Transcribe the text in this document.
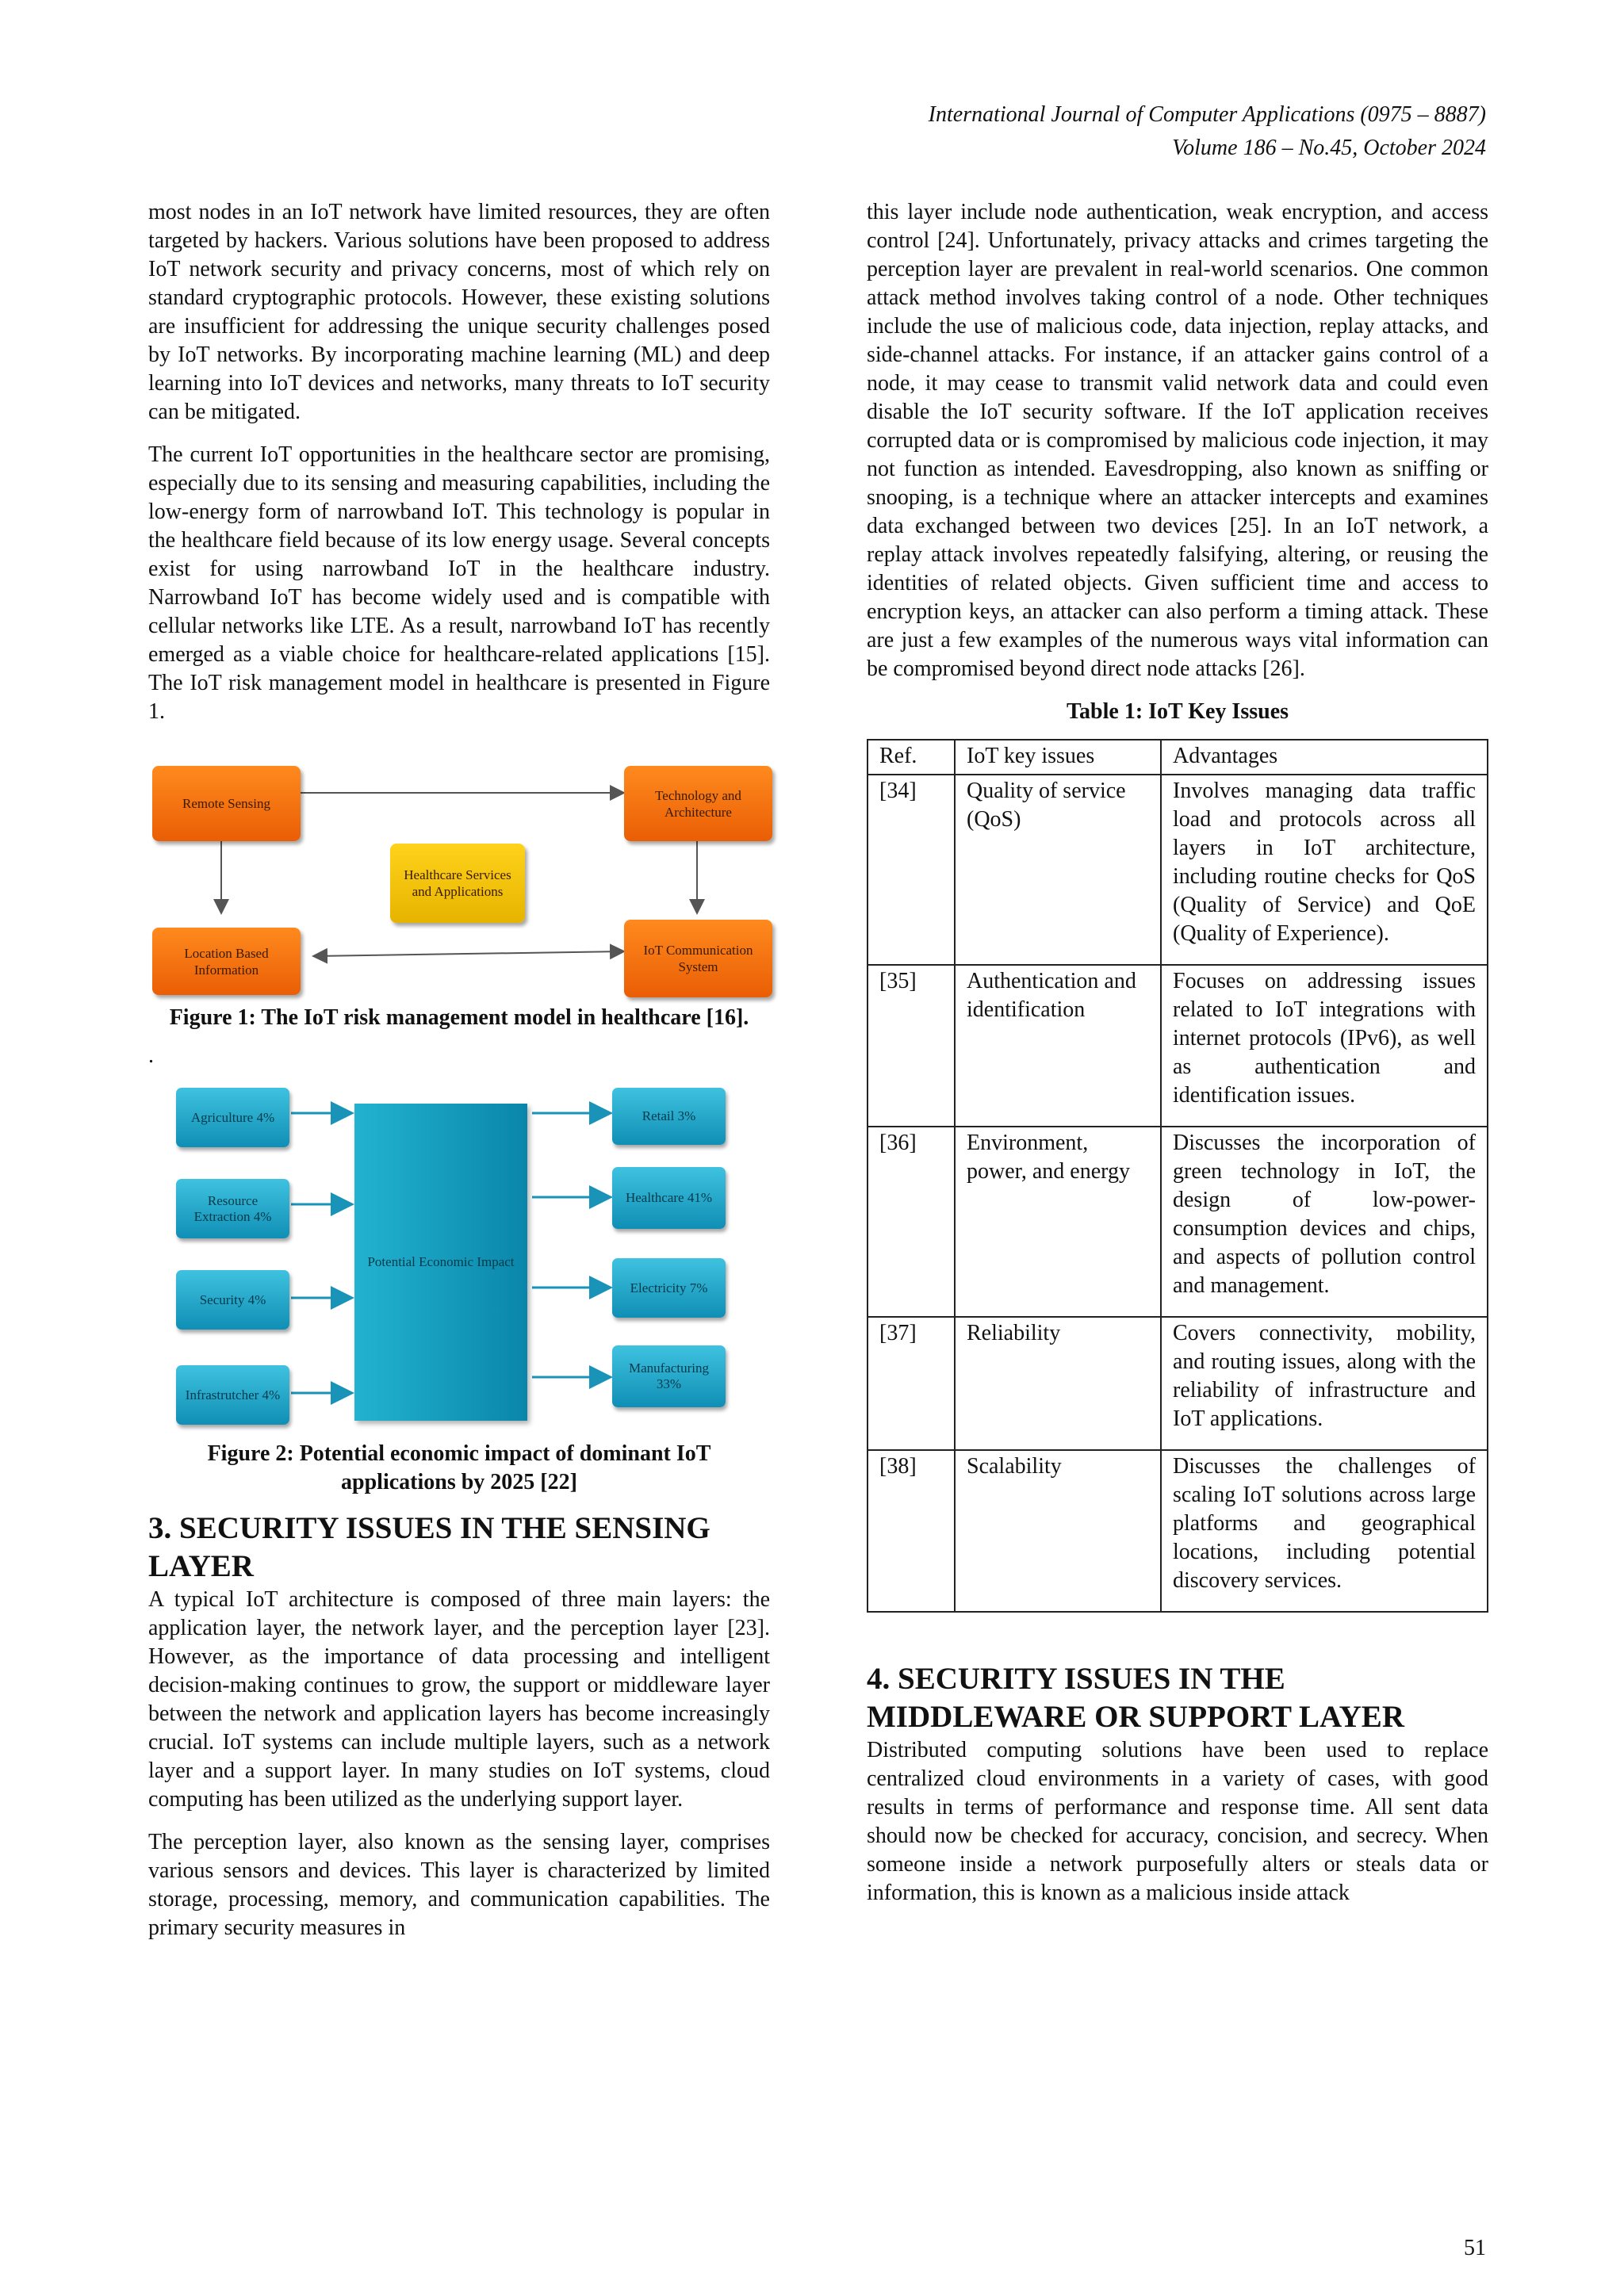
International Journal of Computer Applications (0975 – 8887)
Volume 186 – No.45, October 2024

most nodes in an IoT network have limited resources, they are often targeted by hackers. Various solutions have been proposed to address IoT network security and privacy concerns, most of which rely on standard cryptographic protocols. However, these existing solutions are insufficient for addressing the unique security challenges posed by IoT networks. By incorporating machine learning (ML) and deep learning into IoT devices and networks, many threats to IoT security can be mitigated.

The current IoT opportunities in the healthcare sector are promising, especially due to its sensing and measuring capabilities, including the low-energy form of narrowband IoT. This technology is popular in the healthcare field because of its low energy usage. Several concepts exist for using narrowband IoT in the healthcare industry. Narrowband IoT has become widely used and is compatible with cellular networks like LTE. As a result, narrowband IoT has recently emerged as a viable choice for healthcare-related applications [15]. The IoT risk management model in healthcare is presented in Figure 1.

Remote Sensing
Technology and Architecture
Healthcare Services and Applications
Location Based Information
IoT Communication System

Figure 1: The IoT risk management model in healthcare [16].

.

Potential Economic Impact
Agriculture 4%
Resource Extraction 4%
Security 4%
Infrastrutcher 4%
Retail 3%
Healthcare 41%
Electricity 7%
Manufacturing 33%

Figure 2: Potential economic impact of dominant IoT applications by 2025 [22]

3. SECURITY ISSUES IN THE SENSING LAYER

A typical IoT architecture is composed of three main layers: the application layer, the network layer, and the perception layer [23]. However, as the importance of data processing and intelligent decision-making continues to grow, the support or middleware layer between the network and application layers has become increasingly crucial. IoT systems can include multiple layers, such as a network layer and a support layer. In many studies on IoT systems, cloud computing has been utilized as the underlying support layer.

The perception layer, also known as the sensing layer, comprises various sensors and devices. This layer is characterized by limited storage, processing, memory, and communication capabilities. The primary security measures in

this layer include node authentication, weak encryption, and access control [24]. Unfortunately, privacy attacks and crimes targeting the perception layer are prevalent in real-world scenarios. One common attack method involves taking control of a node. Other techniques include the use of malicious code, data injection, replay attacks, and side-channel attacks. For instance, if an attacker gains control of a node, it may cease to transmit valid network data and could even disable the IoT security software. If the IoT application receives corrupted data or is compromised by malicious code injection, it may not function as intended. Eavesdropping, also known as sniffing or snooping, is a technique where an attacker intercepts and examines data exchanged between two devices [25]. In an IoT network, a replay attack involves repeatedly falsifying, altering, or reusing the identities of related objects. Given sufficient time and access to encryption keys, an attacker can also perform a timing attack. These are just a few examples of the numerous ways vital information can be compromised beyond direct node attacks [26].

Table 1: IoT Key Issues
Ref.	IoT key issues	Advantages
[34]	Quality of service (QoS)	Involves managing data traffic load and protocols across all layers in IoT architecture, including routine checks for QoS (Quality of Service) and QoE (Quality of Experience).
[35]	Authentication and identification	Focuses on addressing issues related to IoT integrations with internet protocols (IPv6), as well as authentication and identification issues.
[36]	Environment, power, and energy	Discusses the incorporation of green technology in IoT, the design of low-power-consumption devices and chips, and aspects of pollution control and management.
[37]	Reliability	Covers connectivity, mobility, and routing issues, along with the reliability of infrastructure and IoT applications.
[38]	Scalability	Discusses the challenges of scaling IoT solutions across large platforms and geographical locations, including potential discovery services.
4. SECURITY ISSUES IN THE MIDDLEWARE OR SUPPORT LAYER

Distributed computing solutions have been used to replace centralized cloud environments in a variety of cases, with good results in terms of performance and response time. All sent data should now be checked for accuracy, concision, and secrecy. When someone inside a network purposefully alters or steals data or information, this is known as a malicious inside attack

51
